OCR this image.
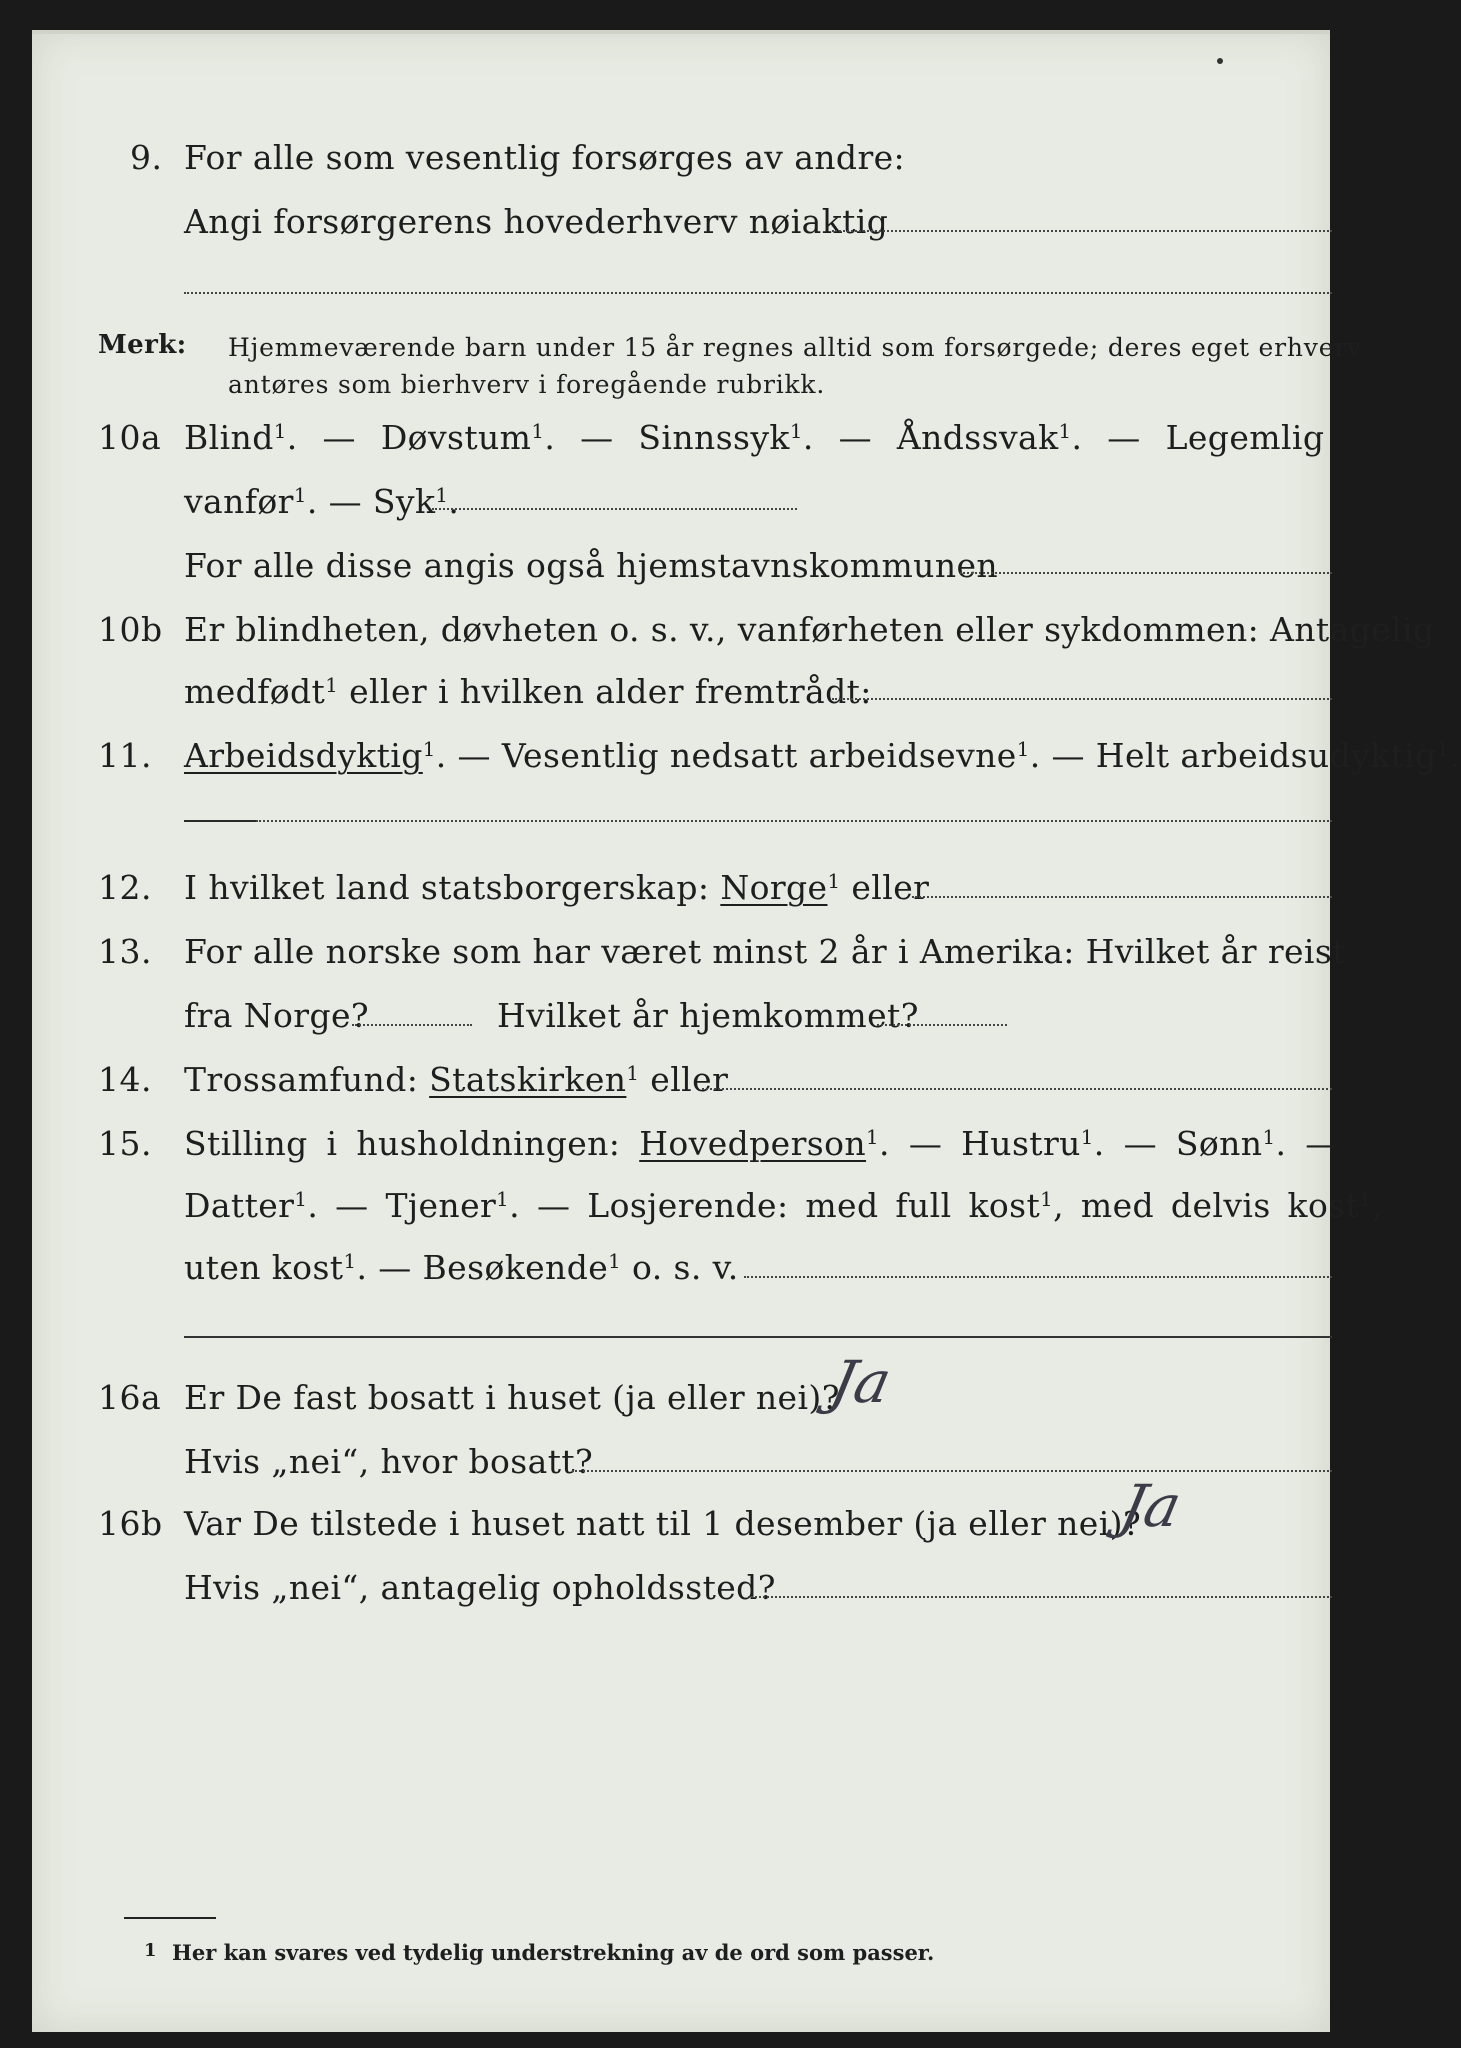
9. For alle som vesentlig forsørges av andre:
Angi forsørgerens hovederhverv nøiaktig
Merk: Hjemmeværende barn under 15 år regnes alltid som forsørgede; deres eget erhverv
antøres som bierhverv i foregående rubrikk.
10a Blind$^1$. — Døvstum$^1$. — Sinnssyk$^1$. — Åndssvak$^1$. — Legemlig
vanfør$^1$. — Syk$^1$.
For alle disse angis også hjemstavnskommunen
10b Er blindheten, døvheten o. s. v., vanførheten eller sykdommen: Antagelig
medfødt$^1$ eller i hvilken alder fremtrådt:
11. Arbeidsdyktig$^1$. — Vesentlig nedsatt arbeidsevne$^1$. — Helt arbeidsudyktig$^1$.
12. I hvilket land statsborgerskap: Norge$^1$ eller
13. For alle norske som har været minst 2 år i Amerika: Hvilket år reist
fra Norge?	Hvilket år hjemkommet?
14. Trossamfund: Statskirken$^1$ eller
15. Stilling i husholdningen: Hovedperson$^1$. — Hustru$^1$. — Sønn$^1$. —
Datter$^1$. — Tjener$^1$. — Losjerende: med full kost$^1$, med delvis kost$^1$,
uten kost$^1$. — Besøkende$^1$ o. s. v.
16a Er De fast bosatt i huset (ja eller nei)?
Ja
Hvis „nei“, hvor bosatt?
16b Var De tilstede i huset natt til 1 desember (ja eller nei)?
Ja
Hvis „nei“, antagelig opholdssted?
1 Her kan svares ved tydelig understrekning av de ord som passer.
